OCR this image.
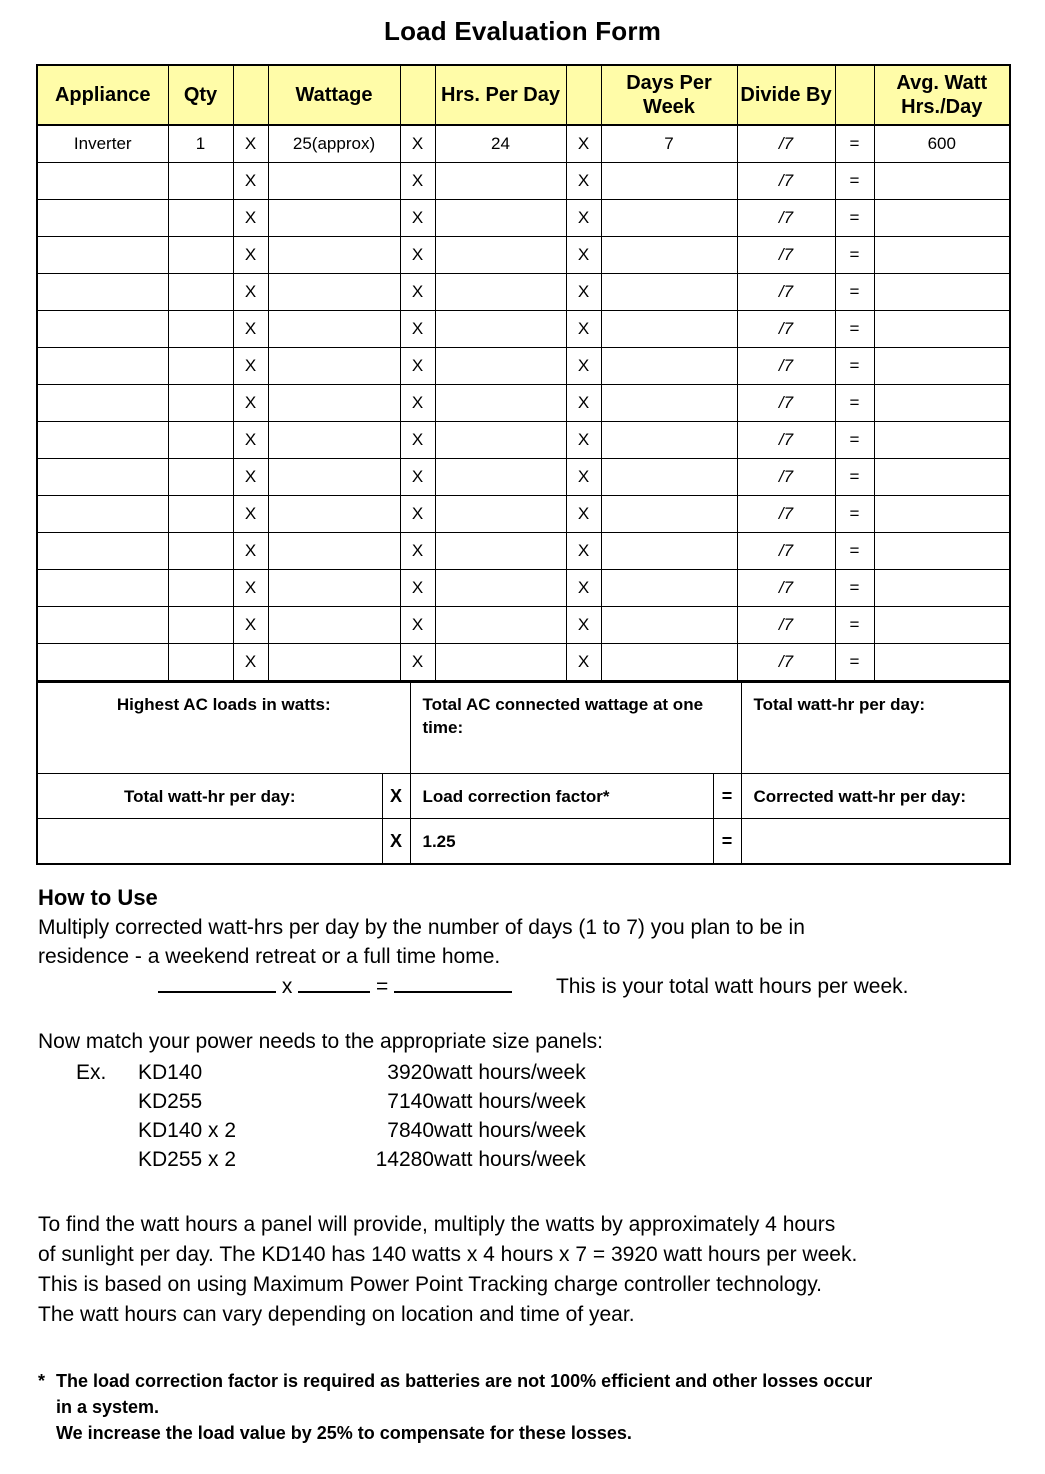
Load Evaluation Form
Appliance	Qty		Wattage		Hrs. Per Day		Days Per Week	Divide By		Avg. Watt Hrs./Day
Inverter	1	X	25(approx)	X	24	X	7	/7	=	600
		X		X		X		/7	=	
		X		X		X		/7	=	
		X		X		X		/7	=	
		X		X		X		/7	=	
		X		X		X		/7	=	
		X		X		X		/7	=	
		X		X		X		/7	=	
		X		X		X		/7	=	
		X		X		X		/7	=	
		X		X		X		/7	=	
		X		X		X		/7	=	
		X		X		X		/7	=	
		X		X		X		/7	=	
		X		X		X		/7	=	
Highest AC loads in watts:		Total AC connected wattage at one time:		Total watt-hr per day:
Total watt-hr per day:	X	Load correction factor*	=	Corrected watt-hr per day:
	X	1.25	=	
How to Use

Multiply corrected watt-hrs per day by the number of days (1 to 7) you plan to be in

residence - a weekend retreat or a full time home.

x	=	This is your total watt hours per week.

Now match your power needs to the appropriate size panels:

Ex.	KD140	3920	watt hours/week
	KD255	7140	watt hours/week
	KD140 x 2	7840	watt hours/week
	KD255 x 2	14280	watt hours/week
To find the watt hours a panel will provide, multiply the watts by approximately 4 hours
of sunlight per day. The KD140 has 140 watts x 4 hours x 7 = 3920 watt hours per week.
This is based on using Maximum Power Point Tracking charge controller technology.
The watt hours can vary depending on location and time of year.
* The load correction factor is required as batteries are not 100% efficient and other losses occur
in a system.
We increase the load value by 25% to compensate for these losses.
